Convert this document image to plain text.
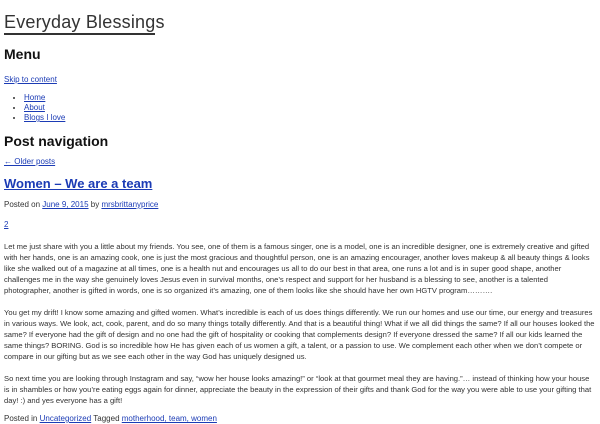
Everyday Blessings
Menu
Skip to content
• Home
• About
• Blogs I love
Post navigation
← Older posts
Women – We are a team
Posted on June 9, 2015 by mrsbrittanyprice
2

Let me just share with you a little about my friends. You see, one of them is a famous singer, one is a model, one is an incredible designer, one is extremely creative and gifted with her hands, one is an amazing cook, one is just the most gracious and thoughtful person, one is an amazing encourager, another loves makeup & all beauty things & looks like she walked out of a magazine at all times, one is a health nut and encourages us all to do our best in that area, one runs a lot and is in super good shape, another challenges me in the way she genuinely loves Jesus even in survival months, one’s respect and support for her husband is a blessing to see, another is a talented photographer, another is gifted in words, one is so organized it’s amazing, one of them looks like she should have her own HGTV program……….

You get my drift! I know some amazing and gifted women. What’s incredible is each of us does things differently. We run our homes and use our time, our energy and treasures in various ways. We look, act, cook, parent, and do so many things totally differently. And that is a beautiful thing! What if we all did things the same? If all our houses looked the same? If everyone had the gift of design and no one had the gift of hospitality or cooking that complements design? If everyone dressed the same? If all our kids learned the same things? BORING. God is so incredible how He has given each of us women a gift, a talent, or a passion to use. We complement each other when we don’t compete or compare in our gifting but as we see each other in the way God has uniquely designed us.

So next time you are looking through Instagram and say, “wow her house looks amazing!” or “look at that gourmet meal they are having.”… instead of thinking how your house is in shambles or how you’re eating eggs again for dinner, appreciate the beauty in the expression of their gifts and thank God for the way you were able to use your gifting that day! :) and yes everyone has a gift!

Posted in Uncategorized Tagged motherhood, team, women
